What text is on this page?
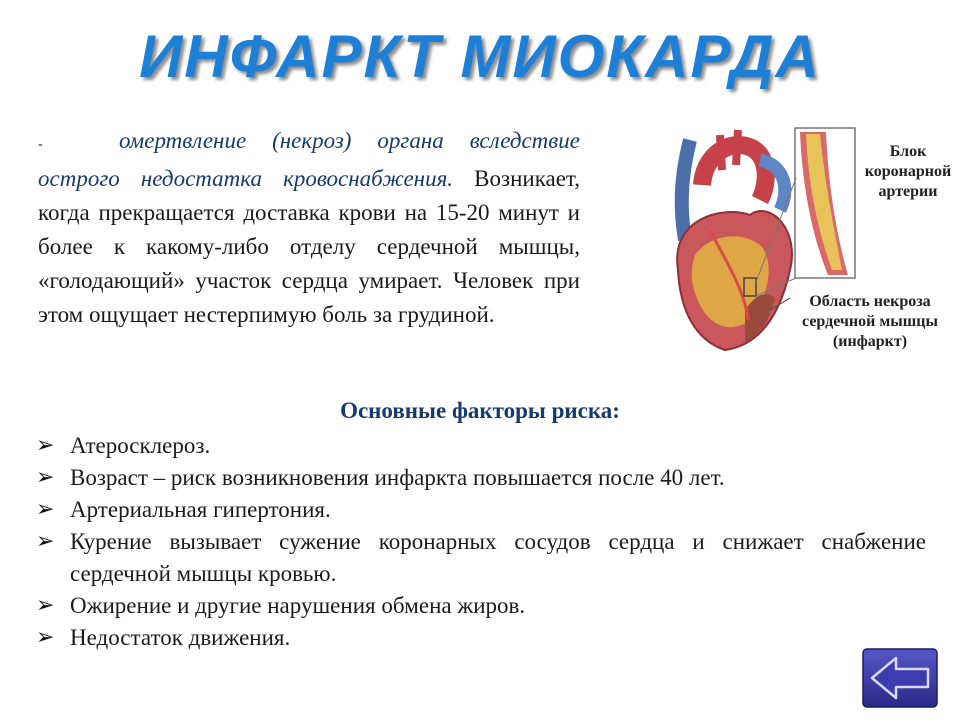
ИНФАРКТ МИОКАРДА
-	омертвление (некроз) органа вследствие острого недостатка кровоснабжения. Возникает, когда прекращается доставка крови на 15-20 минут и более к какому-либо отделу сердечной мышцы, «голодающий» участок сердца умирает. Человек при этом ощущает нестерпимую боль за грудиной.
Блок
коронарной
артерии
Область некроза
сердечной мышцы
(инфаркт)
Основные факторы риска:
➢ Атеросклероз.
➢ Возраст – риск возникновения инфаркта повышается после 40 лет.
➢ Артериальная гипертония.
➢ Курение вызывает сужение коронарных сосудов сердца и снижает снабжение сердечной мышцы кровью.
➢ Ожирение и другие нарушения обмена жиров.
➢ Недостаток движения.
